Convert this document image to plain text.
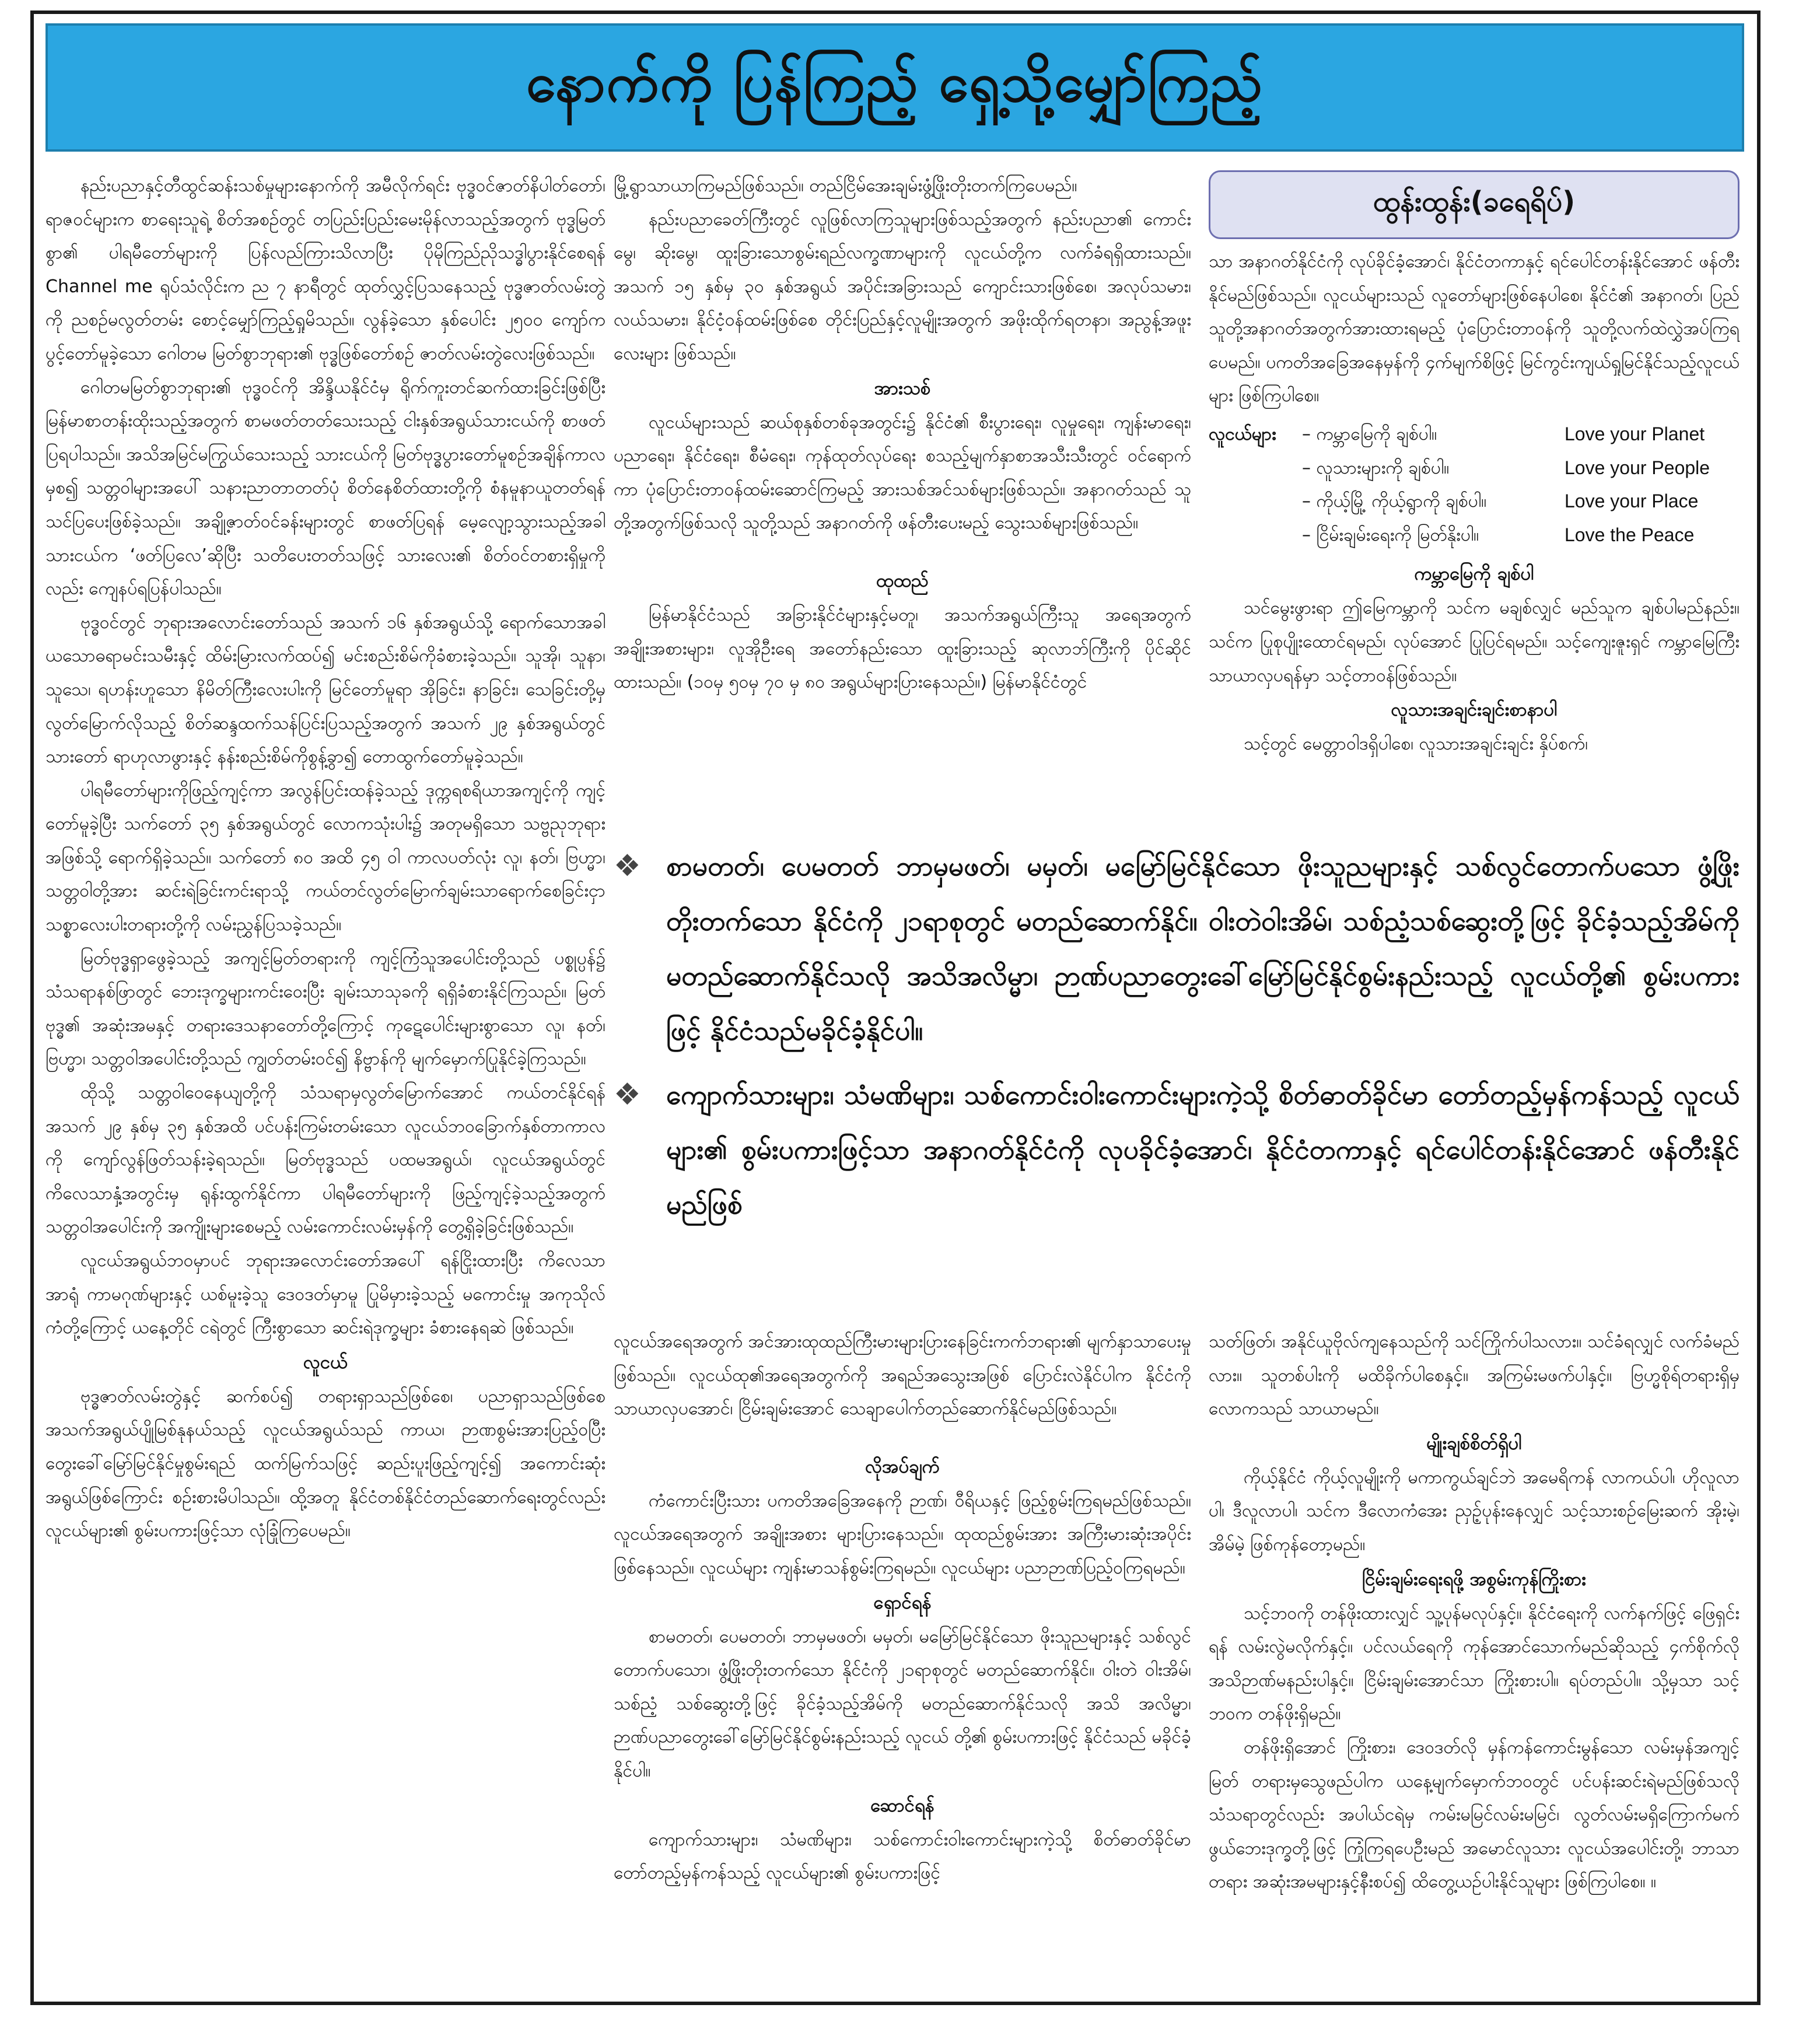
နောက်ကို ပြန်ကြည့် ရှေ့သို့မျှော်ကြည့်

နည်းပညာနှင့်တီထွင်ဆန်းသစ်မှုများနောက်ကို အမီလိုက်ရင်း ဗုဒ္ဓဝင်ဇာတ်နိပါတ်တော်၊ ရာဇဝင်များက စာရေးသူရဲ့ စိတ်အစဉ်တွင် တပြည်းပြည်းမေးမိုန်လာသည့်အတွက် ဗုဒ္ဓမြတ်စွာ၏ ပါရမီတော်များကို ပြန်လည်ကြားသိလာပြီး ပိုမိုကြည်ညိုသဒ္ဓါပွားနိုင်စေရန် Channel me ရုပ်သံလိုင်းက ည ၇ နာရီတွင် ထုတ်လွှင့်ပြသနေသည့် ဗုဒ္ဓဇာတ်လမ်းတွဲကို ညစဉ်မလွတ်တမ်း စောင့်မျှော်ကြည့်ရှုမိသည်။ လွန်ခဲ့သော နှစ်ပေါင်း ၂၅၀၀ ကျော်က ပွင့်တော်မူခဲ့သော ဂေါတမ မြတ်စွာဘုရား၏ ဗုဒ္ဓဖြစ်တော်စဉ် ဇာတ်လမ်းတွဲလေးဖြစ်သည်။

ဂေါတမမြတ်စွာဘုရား၏ ဗုဒ္ဓဝင်ကို အိန္ဒိယနိုင်ငံမှ ရိုက်ကူးတင်ဆက်ထားခြင်းဖြစ်ပြီး မြန်မာစာတန်းထိုးသည့်အတွက် စာမဖတ်တတ်သေးသည့် ငါးနှစ်အရွယ်သားငယ်ကို စာဖတ်ပြရပါသည်။ အသိအမြင်မကြွယ်သေးသည့် သားငယ်ကို မြတ်ဗုဒ္ဓပွားတော်မူစဉ်အချိန်ကာလမှစ၍ သတ္တဝါများအပေါ် သနားညာတာတတ်ပုံ စိတ်နေစိတ်ထားတို့ကို စံနမူနာယူတတ်ရန် သင်ပြပေးဖြစ်ခဲ့သည်။ အချို့ဇာတ်ဝင်ခန်းများတွင် စာဖတ်ပြရန် မေ့လျော့သွားသည့်အခါ သားငယ်က ‘ဖတ်ပြလေ’ဆိုပြီး သတိပေးတတ်သဖြင့် သားလေး၏ စိတ်ဝင်တစားရှိမှုကိုလည်း ကျေနပ်ရပြန်ပါသည်။

ဗုဒ္ဓဝင်တွင် ဘုရားအလောင်းတော်သည် အသက် ၁၆ နှစ်အရွယ်သို့ ရောက်သောအခါ ယသောဓရာမင်းသမီးနှင့် ထိမ်းမြားလက်ထပ်၍ မင်းစည်းစိမ်ကိုခံစားခဲ့သည်။ သူအို၊ သူနာ၊ သူသေ၊ ရဟန်းဟူသော နိမိတ်ကြီးလေးပါးကို မြင်တော်မူရာ အိုခြင်း၊ နာခြင်း၊ သေခြင်းတို့မှ လွတ်မြောက်လိုသည့် စိတ်ဆန္ဒထက်သန်ပြင်းပြသည့်အတွက် အသက် ၂၉ နှစ်အရွယ်တွင် သားတော် ရာဟုလာဖွားနှင့် နန်းစည်းစိမ်ကိုစွန့်ခွာ၍ တောထွက်တော်မူခဲ့သည်။

ပါရမီတော်များကိုဖြည့်ကျင့်ကာ အလွန်ပြင်းထန်ခဲ့သည့် ဒုက္ကရစရိယာအကျင့်ကို ကျင့်တော်မူခဲ့ပြီး သက်တော် ၃၅ နှစ်အရွယ်တွင် လောကသုံးပါး၌ အတုမရှိသော သဗ္ဗညုဘုရားအဖြစ်သို့ ရောက်ရှိခဲ့သည်။ သက်တော် ၈၀ အထိ ၄၅ ဝါ ကာလပတ်လုံး လူ၊ နတ်၊ ဗြဟ္မာ၊ သတ္တဝါတို့အား ဆင်းရဲခြင်းကင်းရာသို့ ကယ်တင်လွတ်မြောက်ချမ်းသာရောက်စေခြင်းငှာ သစ္စာလေးပါးတရားတို့ကို လမ်းညွှန်ပြသခဲ့သည်။

မြတ်ဗုဒ္ဓရှာဖွေခဲ့သည့် အကျင့်မြတ်တရားကို ကျင့်ကြံသူအပေါင်းတို့သည် ပစ္စုပ္ပန်၌ သံသရာနစ်ဖြာတွင် ဘေးဒုက္ခများကင်းဝေးပြီး ချမ်းသာသုခကို ရရှိခံစားနိုင်ကြသည်။ မြတ်ဗုဒ္ဓ၏ အဆုံးအမနှင့် တရားဒေသနာတော်တို့ကြောင့် ကုဋေပေါင်းများစွာသော လူ၊ နတ်၊ ဗြဟ္မာ၊ သတ္တဝါအပေါင်းတို့သည် ကျွတ်တမ်းဝင်၍ နိဗ္ဗာန်ကို မျက်မှောက်ပြုနိုင်ခဲ့ကြသည်။

ထိုသို့ သတ္တဝါဝေနေယျတို့ကို သံသရာမှလွတ်မြောက်အောင် ကယ်တင်နိုင်ရန် အသက် ၂၉ နှစ်မှ ၃၅ နှစ်အထိ ပင်ပန်းကြမ်းတမ်းသော လူငယ်ဘဝခြောက်နှစ်တာကာလကို ကျော်လွန်ဖြတ်သန်းခဲ့ရသည်။ မြတ်ဗုဒ္ဓသည် ပထမအရွယ်၊ လူငယ်အရွယ်တွင် ကိလေသာနှံ့အတွင်းမှ ရုန်းထွက်နိုင်ကာ ပါရမီတော်များကို ဖြည့်ကျင့်ခဲ့သည့်အတွက် သတ္တဝါအပေါင်းကို အကျိုးများစေမည့် လမ်းကောင်းလမ်းမှန်ကို တွေ့ရှိခဲ့ခြင်းဖြစ်သည်။

လူငယ်အရွယ်ဘဝမှာပင် ဘုရားအလောင်းတော်အပေါ် ရန်ငြိုးထားပြီး ကိလေသာအာရုံ ကာမဂုဏ်များနှင့် ယစ်မူးခဲ့သူ ဒေဝဒတ်မှာမူ ပြုမိမှားခဲ့သည့် မကောင်းမှု အကုသိုလ်ကံတို့ကြောင့် ယနေ့တိုင် ငရဲတွင် ကြီးစွာသော ဆင်းရဲဒုက္ခများ ခံစားနေရဆဲ ဖြစ်သည်။

လူငယ်

ဗုဒ္ဓဇာတ်လမ်းတွဲနှင့် ဆက်စပ်၍ တရားရှာသည်ဖြစ်စေ၊ ပညာရှာသည်ဖြစ်စေ အသက်အရွယ်ပျိုမြစ်နုနယ်သည့် လူငယ်အရွယ်သည် ကာယ၊ ဉာဏစွမ်းအားပြည့်ဝပြီး တွေးခေါ်မြော်မြင်နိုင်မှုစွမ်းရည် ထက်မြက်သဖြင့် ဆည်းပူးဖြည့်ကျင့်၍ အကောင်းဆုံးအရွယ်ဖြစ်ကြောင်း စဉ်းစားမိပါသည်။ ထို့အတူ နိုင်ငံတစ်နိုင်ငံတည်ဆောက်ရေးတွင်လည်း လူငယ်များ၏ စွမ်းပကားဖြင့်သာ လုံခြုံကြပေမည်။

မြို့ရွာသာယာကြမည်ဖြစ်သည်။ တည်ငြိမ်အေးချမ်းဖွံ့ဖြိုးတိုးတက်ကြပေမည်။

နည်းပညာခေတ်ကြီးတွင် လူဖြစ်လာကြသူများဖြစ်သည့်အတွက် နည်းပညာ၏ ကောင်းမွေ၊ ဆိုးမွေ၊ ထူးခြားသောစွမ်းရည်လက္ခဏာများကို လူငယ်တို့က လက်ခံရရှိထားသည်။ အသက် ၁၅ နှစ်မှ ၃၀ နှစ်အရွယ် အပိုင်းအခြားသည် ကျောင်းသားဖြစ်စေ၊ အလုပ်သမား၊ လယ်သမား၊ နိုင်ငံ့ဝန်ထမ်းဖြစ်စေ တိုင်းပြည်နှင့်လူမျိုးအတွက် အဖိုးထိုက်ရတနာ၊ အညွန့်အဖူးလေးများ ဖြစ်သည်။

အားသစ်

လူငယ်များသည် ဆယ်စုနှစ်တစ်ခုအတွင်း၌ နိုင်ငံ၏ စီးပွားရေး၊ လူမှုရေး၊ ကျန်းမာရေး၊ ပညာရေး၊ နိုင်ငံရေး၊ စီမံရေး၊ ကုန်ထုတ်လုပ်ရေး စသည့်မျက်နှာစာအသီးသီးတွင် ဝင်ရောက်ကာ ပုံပြောင်းတာဝန်ထမ်းဆောင်ကြမည့် အားသစ်အင်သစ်များဖြစ်သည်။ အနာဂတ်သည် သူတို့အတွက်ဖြစ်သလို သူတို့သည် အနာဂတ်ကို ဖန်တီးပေးမည့် သွေးသစ်များဖြစ်သည်။

ထုထည်

မြန်မာနိုင်ငံသည် အခြားနိုင်ငံများနှင့်မတူ၊ အသက်အရွယ်ကြီးသူ အရေအတွက် အချိုးအစားများ၊ လူအိုဦးရေ အတော်နည်းသော ထူးခြားသည့် ဆုလာဘ်ကြီးကို ပိုင်ဆိုင်ထားသည်။ (၁၀မှ ၅၀မှ ၇၀ မှ ၈၀ အရွယ်များပြားနေသည်။) မြန်မာနိုင်ငံတွင်

ထွန်းထွန်း(ခရေရိပ်)

သာ အနာဂတ်နိုင်ငံကို လုပ်ခိုင်ခံ့အောင်၊ နိုင်ငံတကာနှင့် ရင်ပေါင်တန်းနိုင်အောင် ဖန်တီးနိုင်မည်ဖြစ်သည်။ လူငယ်များသည် လူတော်များဖြစ်နေပါစေ၊ နိုင်ငံ၏ အနာဂတ်၊ ပြည်သူတို့အနာဂတ်အတွက်အားထားရမည့် ပုံပြောင်းတာဝန်ကို သူတို့လက်ထဲလွှဲအပ်ကြရပေမည်။ ပကတိအခြေအနေမှန်ကို ၄က်မျက်စိဖြင့် မြင်ကွင်းကျယ်ရှုမြင်နိုင်သည့်လူငယ်များ ဖြစ်ကြပါစေ။

လူငယ်များ	– ကမ္ဘာမြေကို ချစ်ပါ။	Love your Planet
– လူသားများကို ချစ်ပါ။	Love your People
– ကိုယ့်မြို့ ကိုယ့်ရွာကို ချစ်ပါ။	Love your Place
– ငြိမ်းချမ်းရေးကို မြတ်နိုးပါ။	Love the Peace
ကမ္ဘာမြေကို ချစ်ပါ

သင်မွေးဖွားရာ ဤမြေကမ္ဘာကို သင်က မချစ်လျှင် မည်သူက ချစ်ပါမည်နည်း။ သင်က ပြုစုပျိုးထောင်ရမည်၊ လုပ်အောင် ပြုပြင်ရမည်။ သင့်ကျေးဇူးရှင် ကမ္ဘာမြေကြီး သာယာလှပရန်မှာ သင့်တာဝန်ဖြစ်သည်။

လူသားအချင်းချင်းစာနာပါ

သင့်တွင် မေတ္တာဝါဒရှိပါစေ၊ လူသားအချင်းချင်း နှိပ်စက်၊

❖ စာမတတ်၊ ပေမတတ် ဘာမှမဖတ်၊ မမှတ်၊ မမြော်မြင်နိုင်သော ဖိုးသူညများနှင့် သစ်လွင်တောက်ပသော ဖွံ့ဖြိုးတိုးတက်သော နိုင်ငံကို ၂၁ရာစုတွင် မတည်ဆောက်နိုင်။ ဝါးတဲဝါးအိမ်၊ သစ်ညံ့သစ်ဆွေးတို့ဖြင့် ခိုင်ခံ့သည့်အိမ်ကို မတည်ဆောက်နိုင်သလို အသိအလိမ္မာ၊ ဉာဏ်ပညာတွေးခေါ်မြော်မြင်နိုင်စွမ်းနည်းသည့် လူငယ်တို့၏ စွမ်းပကားဖြင့် နိုင်ငံသည်မခိုင်ခံ့နိုင်ပါ။
❖ ကျောက်သားများ၊ သံမဏိများ၊ သစ်ကောင်းဝါးကောင်းများကဲ့သို့ စိတ်ဓာတ်ခိုင်မာ တော်တည့်မှန်ကန်သည့် လူငယ်များ၏ စွမ်းပကားဖြင့်သာ အနာဂတ်နိုင်ငံကို လုပခိုင်ခံ့အောင်၊ နိုင်ငံတကာနှင့် ရင်ပေါင်တန်းနိုင်အောင် ဖန်တီးနိုင်မည်ဖြစ်

လူငယ်အရေအတွက် အင်အားထုထည်ကြီးမားများပြားနေခြင်းကက်ဘရား၏ မျက်နှာသာပေးမှုဖြစ်သည်။ လူငယ်ထု၏အရေအတွက်ကို အရည်အသွေးအဖြစ် ပြောင်းလဲနိုင်ပါက နိုင်ငံကို သာယာလှပအောင်၊ ငြိမ်းချမ်းအောင် သေချာပေါက်တည်ဆောက်နိုင်မည်ဖြစ်သည်။

လိုအပ်ချက်

ကံကောင်းပြီးသား ပကတိအခြေအနေကို ဉာဏ်၊ ဝီရိယနှင့် ဖြည့်စွမ်းကြရမည်ဖြစ်သည်။ လူငယ်အရေအတွက် အချိုးအစား များပြားနေသည်။ ထုထည်စွမ်းအား အကြီးမားဆုံးအပိုင်းဖြစ်နေသည်။ လူငယ်များ ကျန်းမာသန်စွမ်းကြရမည်။ လူငယ်များ ပညာဉာဏ်ပြည့်ဝကြရမည်။

ရှောင်ရန်

စာမတတ်၊ ပေမတတ်၊ ဘာမှမဖတ်၊ မမှတ်၊ မမြော်မြင်နိုင်သော ဖိုးသူညများနှင့် သစ်လွင်တောက်ပသော၊ ဖွံ့ဖြိုးတိုးတက်သော နိုင်ငံကို ၂၁ရာစုတွင် မတည်ဆောက်နိုင်။ ဝါးတဲ ဝါးအိမ်၊ သစ်ညံ့ သစ်ဆွေးတို့ဖြင့် ခိုင်ခံ့သည့်အိမ်ကို မတည်ဆောက်နိုင်သလို အသိ အလိမ္မာ၊ ဉာဏ်ပညာတွေးခေါ်မြော်မြင်နိုင်စွမ်းနည်းသည့် လူငယ် တို့၏ စွမ်းပကားဖြင့် နိုင်ငံသည် မခိုင်ခံ့နိုင်ပါ။

ဆောင်ရန်

ကျောက်သားများ၊ သံမဏိများ၊ သစ်ကောင်းဝါးကောင်းများကဲ့သို့ စိတ်ဓာတ်ခိုင်မာ တော်တည့်မှန်ကန်သည့် လူငယ်များ၏ စွမ်းပကားဖြင့်

သတ်ဖြတ်၊ အနိုင်ယူဗိုလ်ကျနေသည်ကို သင်ကြိုက်ပါသလား။ သင်ခံရလျှင် လက်ခံမည်လား။ သူတစ်ပါးကို မထိခိုက်ပါစေနှင့်။ အကြမ်းမဖက်ပါနှင့်။ ဗြဟ္မစိုရ်တရားရှိမှ လောကသည် သာယာမည်။

မျိုးချစ်စိတ်ရှိပါ

ကိုယ့်နိုင်ငံ ကိုယ့်လူမျိုးကို မကာကွယ်ချင်ဘဲ အမေရိကန် လာကယ်ပါ၊ ဟိုလူလာပါ၊ ဒီလူလာပါ၊ သင်က ဒီလောကံအေး ညှဉ့်ပုန်းနေလျှင် သင့်သားစဉ်မြေးဆက် အိုးမဲ့၊ အိမ်မဲ့ ဖြစ်ကုန်တော့မည်။

ငြိမ်းချမ်းရေးရဖို့ အစွမ်းကုန်ကြိုးစား

သင့်ဘဝကို တန်ဖိုးထားလျှင် သူ့ပုန်မလုပ်နှင့်။ နိုင်ငံရေးကို လက်နက်ဖြင့် ဖြေရှင်းရန် လမ်းလွဲမလိုက်နှင့်။ ပင်လယ်ရေကို ကုန်အောင်သောက်မည်ဆိုသည့် ၄က်စိုက်လို အသိဉာဏ်မနည်းပါနှင့်။ ငြိမ်းချမ်းအောင်သာ ကြိုးစားပါ။ ရပ်တည်ပါ။ သို့မှသာ သင့်ဘဝက တန်ဖိုးရှိမည်။

တန်ဖိုးရှိအောင် ကြိုးစား၊ ဒေဝဒတ်လို မှန်ကန်ကောင်းမွန်သော လမ်းမှန်အကျင့်မြတ် တရားမှသွေဖည်ပါက ယနေ့မျက်မှောက်ဘဝတွင် ပင်ပန်းဆင်းရဲမည်ဖြစ်သလို သံသရာတွင်လည်း အပါယ်ငရဲမှ ကမ်းမမြင်လမ်းမမြင်၊ လွတ်လမ်းမရှိကြောက်မက်ဖွယ်ဘေးဒုက္ခတို့ဖြင့် ကြုံကြရပေဦးမည် အမောင်လူသား လူငယ်အပေါင်းတို့၊ ဘာသာ တရား အဆုံးအမများနှင့်နီးစပ်၍ ထိတွေ့ယဉ်ပါးနိုင်သူများ ဖြစ်ကြပါစေ။ ။
